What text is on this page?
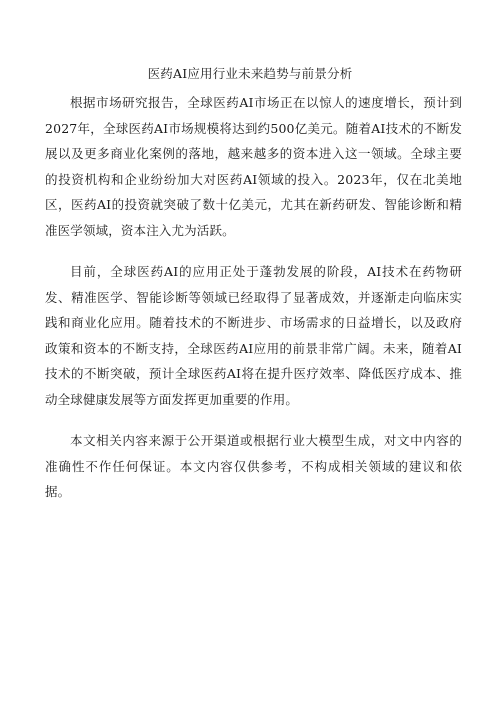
医药AI应用行业未来趋势与前景分析

根据市场研究报告，全球医药AI市场正在以惊人的速度增长，预计到2027年，全球医药AI市场规模将达到约500亿美元。随着AI技术的不断发展以及更多商业化案例的落地，越来越多的资本进入这一领域。全球主要的投资机构和企业纷纷加大对医药AI领域的投入。2023年，仅在北美地区，医药AI的投资就突破了数十亿美元，尤其在新药研发、智能诊断和精准医学领域，资本注入尤为活跃。

目前，全球医药AI的应用正处于蓬勃发展的阶段，AI技术在药物研发、精准医学、智能诊断等领域已经取得了显著成效，并逐渐走向临床实践和商业化应用。随着技术的不断进步、市场需求的日益增长，以及政府政策和资本的不断支持，全球医药AI应用的前景非常广阔。未来，随着AI技术的不断突破，预计全球医药AI将在提升医疗效率、降低医疗成本、推动全球健康发展等方面发挥更加重要的作用。

本文相关内容来源于公开渠道或根据行业大模型生成，对文中内容的准确性不作任何保证。本文内容仅供参考，不构成相关领域的建议和依据。
